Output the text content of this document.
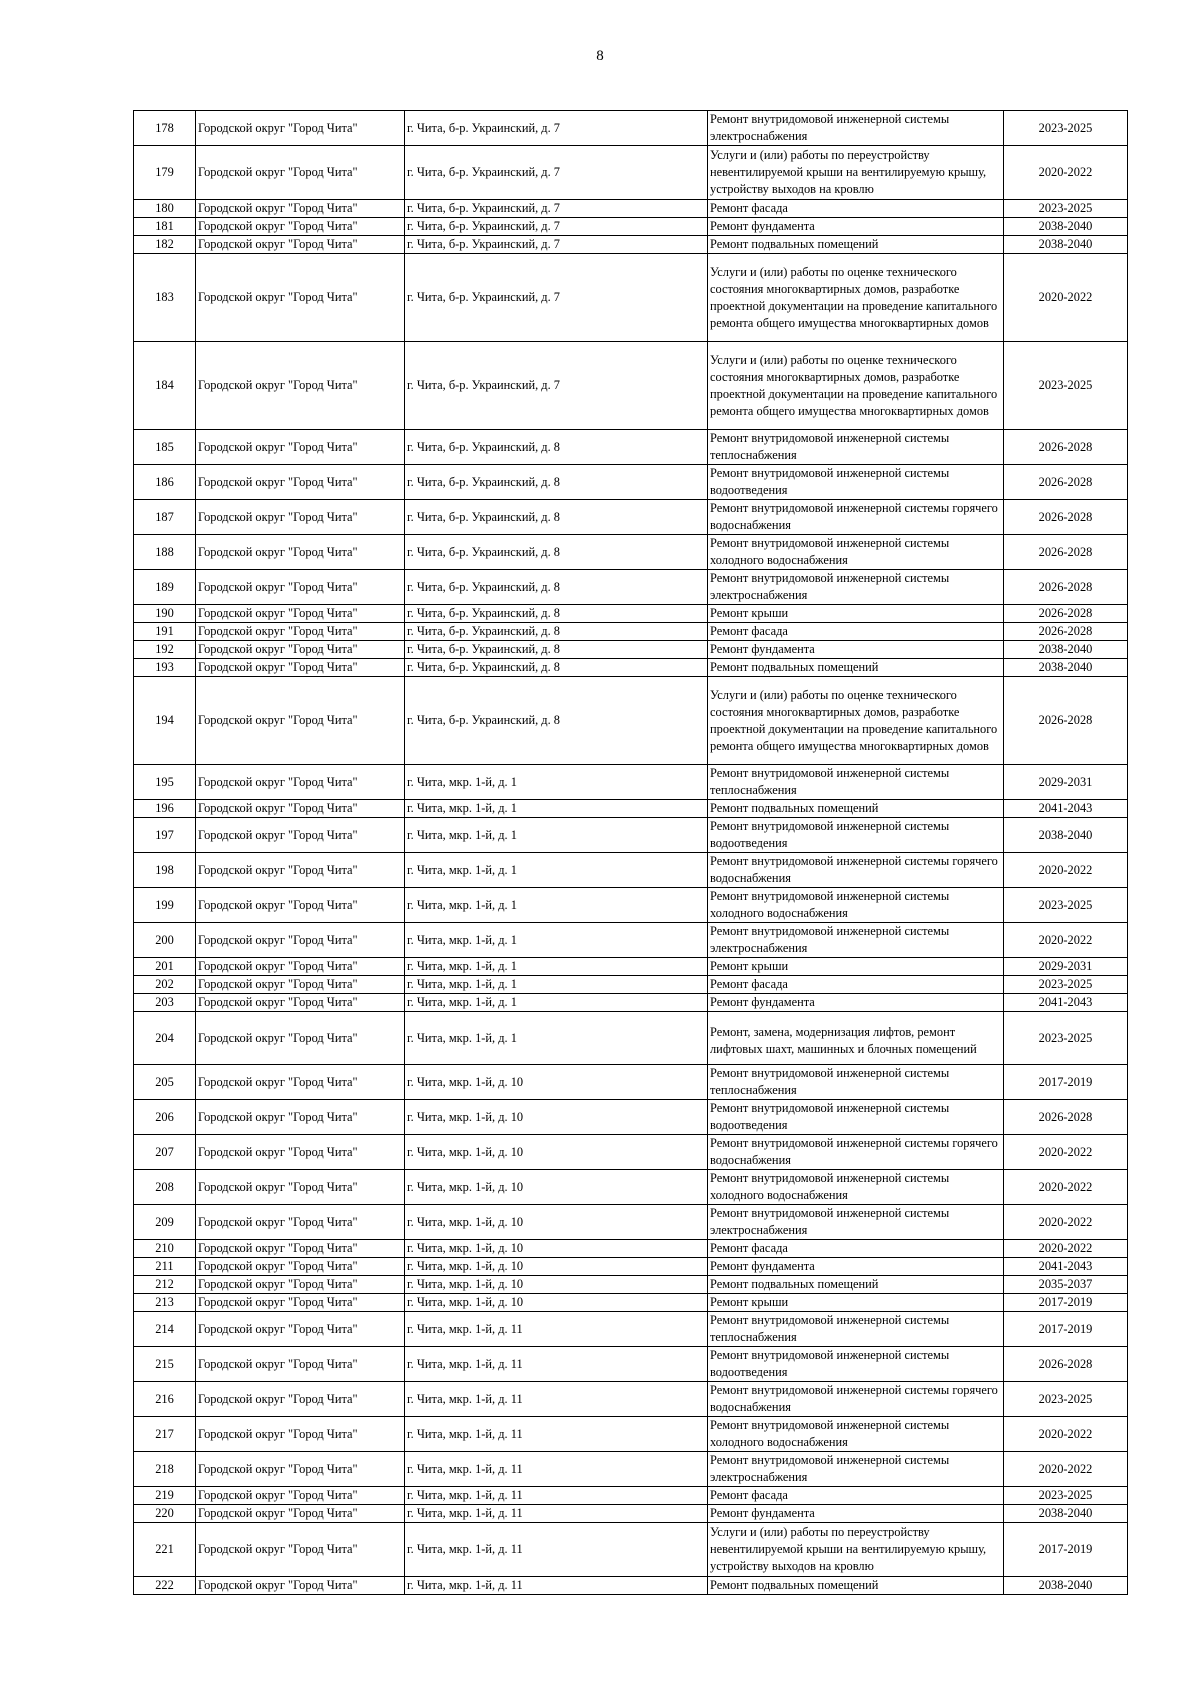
8
178	Городской округ "Город Чита"	г. Чита, б-р. Украинский, д. 7	Ремонт внутридомовой инженерной системы электроснабжения	2023-2025
179	Городской округ "Город Чита"	г. Чита, б-р. Украинский, д. 7	Услуги и (или) работы по переустройству невентилируемой крыши на вентилируемую крышу, устройству выходов на кровлю	2020-2022
180	Городской округ "Город Чита"	г. Чита, б-р. Украинский, д. 7	Ремонт фасада	2023-2025
181	Городской округ "Город Чита"	г. Чита, б-р. Украинский, д. 7	Ремонт фундамента	2038-2040
182	Городской округ "Город Чита"	г. Чита, б-р. Украинский, д. 7	Ремонт подвальных помещений	2038-2040
183	Городской округ "Город Чита"	г. Чита, б-р. Украинский, д. 7	Услуги и (или) работы по оценке технического состояния многоквартирных домов, разработке проектной документации на проведение капитального ремонта общего имущества многоквартирных домов	2020-2022
184	Городской округ "Город Чита"	г. Чита, б-р. Украинский, д. 7	Услуги и (или) работы по оценке технического состояния многоквартирных домов, разработке проектной документации на проведение капитального ремонта общего имущества многоквартирных домов	2023-2025
185	Городской округ "Город Чита"	г. Чита, б-р. Украинский, д. 8	Ремонт внутридомовой инженерной системы теплоснабжения	2026-2028
186	Городской округ "Город Чита"	г. Чита, б-р. Украинский, д. 8	Ремонт внутридомовой инженерной системы водоотведения	2026-2028
187	Городской округ "Город Чита"	г. Чита, б-р. Украинский, д. 8	Ремонт внутридомовой инженерной системы горячего водоснабжения	2026-2028
188	Городской округ "Город Чита"	г. Чита, б-р. Украинский, д. 8	Ремонт внутридомовой инженерной системы холодного водоснабжения	2026-2028
189	Городской округ "Город Чита"	г. Чита, б-р. Украинский, д. 8	Ремонт внутридомовой инженерной системы электроснабжения	2026-2028
190	Городской округ "Город Чита"	г. Чита, б-р. Украинский, д. 8	Ремонт крыши	2026-2028
191	Городской округ "Город Чита"	г. Чита, б-р. Украинский, д. 8	Ремонт фасада	2026-2028
192	Городской округ "Город Чита"	г. Чита, б-р. Украинский, д. 8	Ремонт фундамента	2038-2040
193	Городской округ "Город Чита"	г. Чита, б-р. Украинский, д. 8	Ремонт подвальных помещений	2038-2040
194	Городской округ "Город Чита"	г. Чита, б-р. Украинский, д. 8	Услуги и (или) работы по оценке технического состояния многоквартирных домов, разработке проектной документации на проведение капитального ремонта общего имущества многоквартирных домов	2026-2028
195	Городской округ "Город Чита"	г. Чита, мкр. 1-й, д. 1	Ремонт внутридомовой инженерной системы теплоснабжения	2029-2031
196	Городской округ "Город Чита"	г. Чита, мкр. 1-й, д. 1	Ремонт подвальных помещений	2041-2043
197	Городской округ "Город Чита"	г. Чита, мкр. 1-й, д. 1	Ремонт внутридомовой инженерной системы водоотведения	2038-2040
198	Городской округ "Город Чита"	г. Чита, мкр. 1-й, д. 1	Ремонт внутридомовой инженерной системы горячего водоснабжения	2020-2022
199	Городской округ "Город Чита"	г. Чита, мкр. 1-й, д. 1	Ремонт внутридомовой инженерной системы холодного водоснабжения	2023-2025
200	Городской округ "Город Чита"	г. Чита, мкр. 1-й, д. 1	Ремонт внутридомовой инженерной системы электроснабжения	2020-2022
201	Городской округ "Город Чита"	г. Чита, мкр. 1-й, д. 1	Ремонт крыши	2029-2031
202	Городской округ "Город Чита"	г. Чита, мкр. 1-й, д. 1	Ремонт фасада	2023-2025
203	Городской округ "Город Чита"	г. Чита, мкр. 1-й, д. 1	Ремонт фундамента	2041-2043
204	Городской округ "Город Чита"	г. Чита, мкр. 1-й, д. 1	Ремонт, замена, модернизация лифтов, ремонт лифтовых шахт, машинных и блочных помещений	2023-2025
205	Городской округ "Город Чита"	г. Чита, мкр. 1-й, д. 10	Ремонт внутридомовой инженерной системы теплоснабжения	2017-2019
206	Городской округ "Город Чита"	г. Чита, мкр. 1-й, д. 10	Ремонт внутридомовой инженерной системы водоотведения	2026-2028
207	Городской округ "Город Чита"	г. Чита, мкр. 1-й, д. 10	Ремонт внутридомовой инженерной системы горячего водоснабжения	2020-2022
208	Городской округ "Город Чита"	г. Чита, мкр. 1-й, д. 10	Ремонт внутридомовой инженерной системы холодного водоснабжения	2020-2022
209	Городской округ "Город Чита"	г. Чита, мкр. 1-й, д. 10	Ремонт внутридомовой инженерной системы электроснабжения	2020-2022
210	Городской округ "Город Чита"	г. Чита, мкр. 1-й, д. 10	Ремонт фасада	2020-2022
211	Городской округ "Город Чита"	г. Чита, мкр. 1-й, д. 10	Ремонт фундамента	2041-2043
212	Городской округ "Город Чита"	г. Чита, мкр. 1-й, д. 10	Ремонт подвальных помещений	2035-2037
213	Городской округ "Город Чита"	г. Чита, мкр. 1-й, д. 10	Ремонт крыши	2017-2019
214	Городской округ "Город Чита"	г. Чита, мкр. 1-й, д. 11	Ремонт внутридомовой инженерной системы теплоснабжения	2017-2019
215	Городской округ "Город Чита"	г. Чита, мкр. 1-й, д. 11	Ремонт внутридомовой инженерной системы водоотведения	2026-2028
216	Городской округ "Город Чита"	г. Чита, мкр. 1-й, д. 11	Ремонт внутридомовой инженерной системы горячего водоснабжения	2023-2025
217	Городской округ "Город Чита"	г. Чита, мкр. 1-й, д. 11	Ремонт внутридомовой инженерной системы холодного водоснабжения	2020-2022
218	Городской округ "Город Чита"	г. Чита, мкр. 1-й, д. 11	Ремонт внутридомовой инженерной системы электроснабжения	2020-2022
219	Городской округ "Город Чита"	г. Чита, мкр. 1-й, д. 11	Ремонт фасада	2023-2025
220	Городской округ "Город Чита"	г. Чита, мкр. 1-й, д. 11	Ремонт фундамента	2038-2040
221	Городской округ "Город Чита"	г. Чита, мкр. 1-й, д. 11	Услуги и (или) работы по переустройству невентилируемой крыши на вентилируемую крышу, устройству выходов на кровлю	2017-2019
222	Городской округ "Город Чита"	г. Чита, мкр. 1-й, д. 11	Ремонт подвальных помещений	2038-2040
